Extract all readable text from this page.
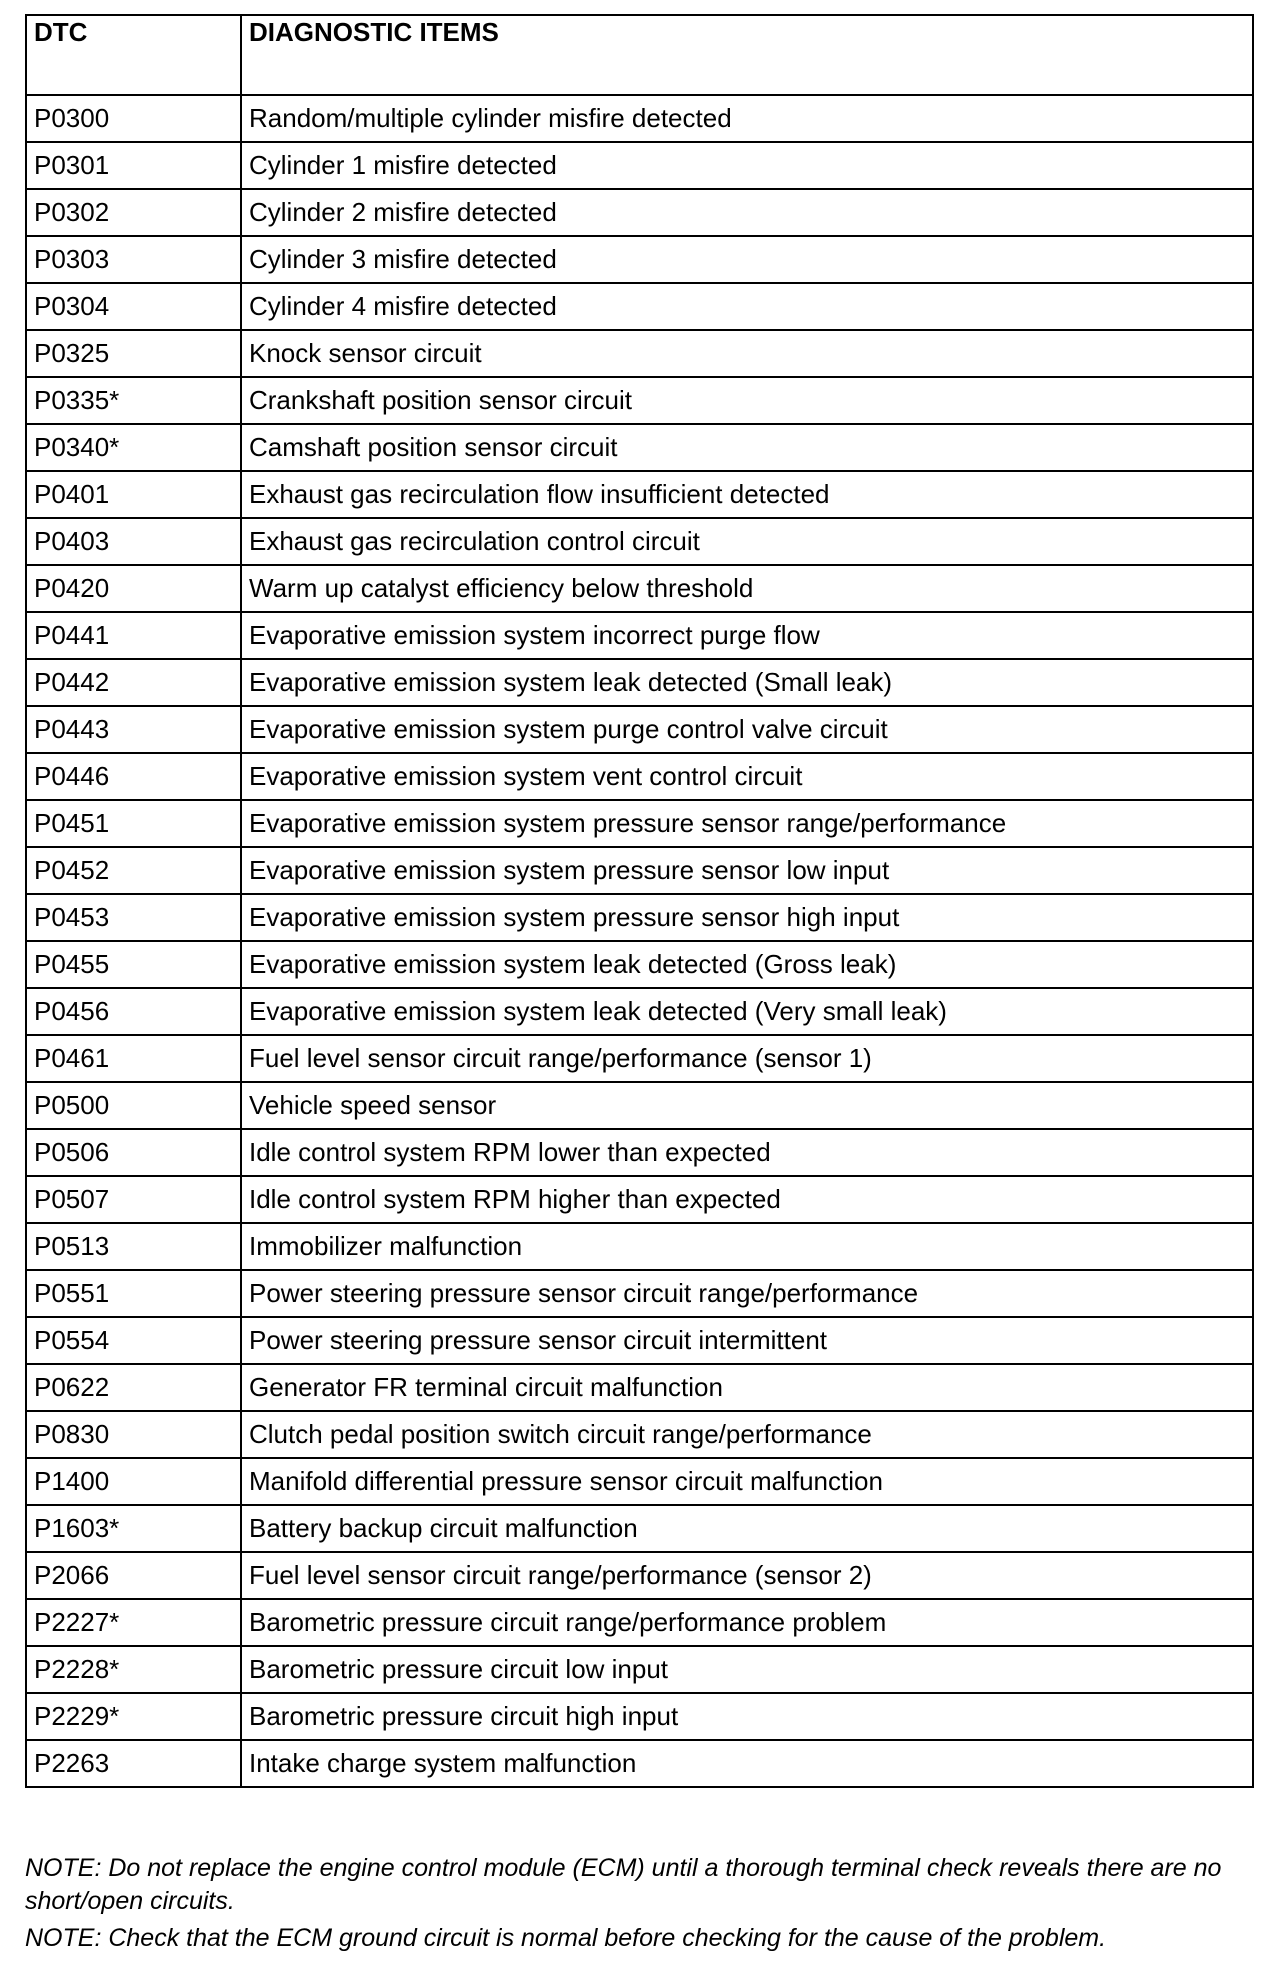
DTC	DIAGNOSTIC ITEMS
P0300	Random/multiple cylinder misfire detected
P0301	Cylinder 1 misfire detected
P0302	Cylinder 2 misfire detected
P0303	Cylinder 3 misfire detected
P0304	Cylinder 4 misfire detected
P0325	Knock sensor circuit
P0335*	Crankshaft position sensor circuit
P0340*	Camshaft position sensor circuit
P0401	Exhaust gas recirculation flow insufficient detected
P0403	Exhaust gas recirculation control circuit
P0420	Warm up catalyst efficiency below threshold
P0441	Evaporative emission system incorrect purge flow
P0442	Evaporative emission system leak detected (Small leak)
P0443	Evaporative emission system purge control valve circuit
P0446	Evaporative emission system vent control circuit
P0451	Evaporative emission system pressure sensor range/performance
P0452	Evaporative emission system pressure sensor low input
P0453	Evaporative emission system pressure sensor high input
P0455	Evaporative emission system leak detected (Gross leak)
P0456	Evaporative emission system leak detected (Very small leak)
P0461	Fuel level sensor circuit range/performance (sensor 1)
P0500	Vehicle speed sensor
P0506	Idle control system RPM lower than expected
P0507	Idle control system RPM higher than expected
P0513	Immobilizer malfunction
P0551	Power steering pressure sensor circuit range/performance
P0554	Power steering pressure sensor circuit intermittent
P0622	Generator FR terminal circuit malfunction
P0830	Clutch pedal position switch circuit range/performance
P1400	Manifold differential pressure sensor circuit malfunction
P1603*	Battery backup circuit malfunction
P2066	Fuel level sensor circuit range/performance (sensor 2)
P2227*	Barometric pressure circuit range/performance problem
P2228*	Barometric pressure circuit low input
P2229*	Barometric pressure circuit high input
P2263	Intake charge system malfunction

NOTE: Do not replace the engine control module (ECM) until a thorough terminal check reveals there are no short/open circuits.

NOTE: Check that the ECM ground circuit is normal before checking for the cause of the problem.
